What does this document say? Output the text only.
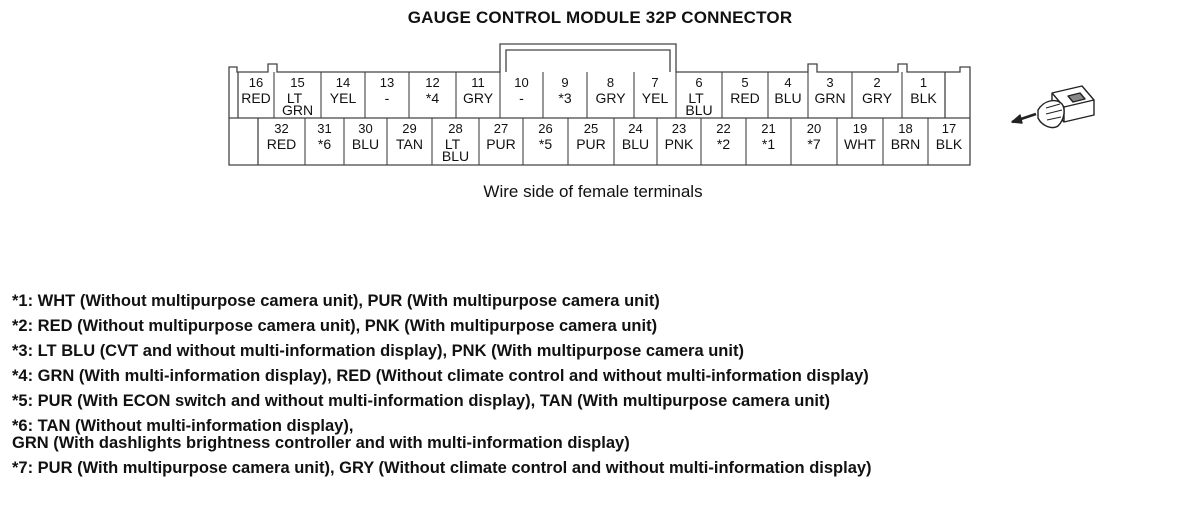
GAUGE CONTROL MODULE 32P CONNECTOR
16
RED
15
LT
GRN
14
YEL
13
-
12
*4
11
GRY
10
-
9
*3
8
GRY
7
YEL
6
LT
BLU
5
RED
4
BLU
3
GRN
2
GRY
1
BLK
32
RED
31
*6
30
BLU
29
TAN
28
LT
BLU
27
PUR
26
*5
25
PUR
24
BLU
23
PNK
22
*2
21
*1
20
*7
19
WHT
18
BRN
17
BLK
Wire side of female terminals
*1: WHT (Without multipurpose camera unit), PUR (With multipurpose camera unit)
*2: RED (Without multipurpose camera unit), PNK (With multipurpose camera unit)
*3: LT BLU (CVT and without multi-information display), PNK (With multipurpose camera unit)
*4: GRN (With multi-information display), RED (Without climate control and without multi-information display)
*5: PUR (With ECON switch and without multi-information display), TAN (With multipurpose camera unit)
*6: TAN (Without multi-information display),
GRN (With dashlights brightness controller and with multi-information display)
*7: PUR (With multipurpose camera unit), GRY (Without climate control and without multi-information display)
